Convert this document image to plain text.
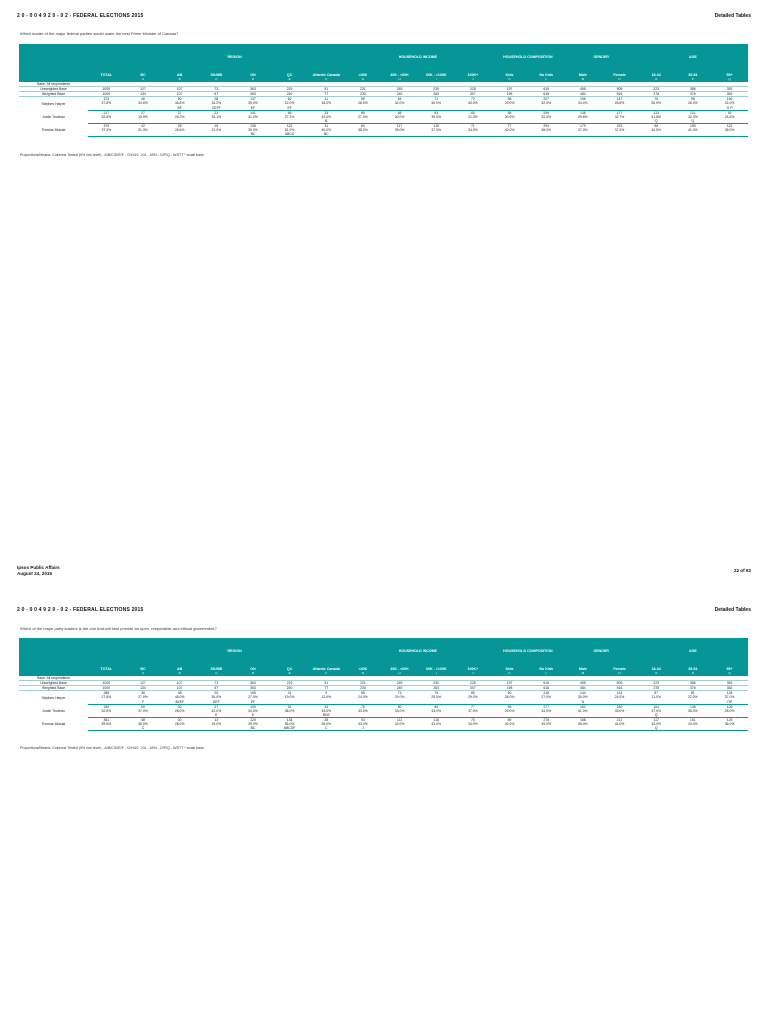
2 0 - 0 0 4 9 2 0 - 0 2 - FEDERAL ELECTIONS 2015	Detailed Tables
Which leader of the major federal parties would make the best Prime Minister of Canada?
		REGION						HOUSEHOLD INCOME				HOUSEHOLD COMPOSITION		GENDER		AGE		
	TOTAL	BC	AB	SK/MB	ON	QC	Atlantic Canada	<40K	40K - <60K	60K - <100K	100K+	Kids	No Kids	Male	Female	18-34	35-54	55+
		A	B	C	D	E	F	G	H	I	J	K	L	M	N	O	P	Q
Base: All respondents																		
Unweighted Base	1000	127	107	73	363	219	91	221	249	230	228	197	615	495	505	223	386	392
Weighted Base	1000	134	107	67	363	240	77	230	240	263	307	195	618	484	516	278	376	352
Stephen Harper	373	46	50	28	137	52	11	59	64	73	72	58	207	196	147	75	98	146
	37.8%	34.6%	46.8%	34.2%	39.0%	22.0%	16.0%	26.0%	32.0%	40.0%	40.0%	29.0%	32.0%	34.4%	28.8%	26.9%	26.0%	42.0%
			BF	CEFF	EF	EF												O P
Justin Trudeau	217	27	27	23	101	65	33	65	65	53	65	58	299	138	177	113	121	92
	32.6%	19.5%	26.2%	34.1%	31.0%	27.1%	42.0%	27.0%	30.0%	30.0%	21.0%	30.0%	32.0%	29.8%	32.7%	41.8%	32.3%	24.6%
							B									Q	Q	
Thomas Mulcair	370	42	28	15	135	122	31	84	117	116	71	77	294	179	192	96	155	122
	37.3%	31.3%	25.6%	21.0%	39.0%	51.0%	40.0%	38.0%	39.0%	37.0%	34.0%	40.0%	38.0%	37.0%	37.3%	34.5%	41.4%	35.0%
					BC	ABCD	BC											
Proportions/Means: Columns Tested (5% risk level) - A/B/C/D/E/F - G/H/I/J - K/L - M/N - O/P/Q - N/STT * small base
Ipsos Public Affairs
August 24, 2015	22 of 92
2 0 - 0 0 4 9 2 0 - 0 2 - FEDERAL ELECTIONS 2015	Detailed Tables
Which of the major party leaders is the one that will best provide an open, responsible and ethical government?
		REGION						HOUSEHOLD INCOME				HOUSEHOLD COMPOSITION		GENDER		AGE		
	TOTAL	BC	AB	SK/MB	ON	QC	Atlantic Canada	<40K	40K - <60K	60K - <100K	100K+	Kids	No Kids	Male	Female	18-34	35-54	55+
		A	B	C	D	E	F	G	H	I	J	K	L	M	N	O	P	Q
Base: All respondents																		
Unweighted Base	1000	127	107	73	363	219	91	221	249	230	228	197	615	495	505	223	386	392
Weighted Base	1000	134	107	67	363	240	77	230	240	263	307	195	618	484	516	278	376	352
Stephen Harper	288	36	48	20	105	41	9	55	74	75	80	60	218	144	124	57	81	128
	27.8%	27.0%	45.0%	30.0%	27.0%	19.0%	12.0%	24.0%	29.0%	29.0%	29.0%	28.0%	27.0%	30.0%	24.0%	21.0%	22.0%	37.0%
		F	AEEF	DEF	EF									N				OP
Justin Trudeau	330	50	30	27	105	91	33	75	80	80	77	55	277	152	180	104	136	105
	32.8%	37.0%	28.0%	42.0%	34.0%	38.0%	43.0%	33.0%	33.0%	33.0%	37.0%	29.0%	34.0%	31.0%	33.0%	37.0%	35.0%	28.0%
				E	E		BDE									Q		
Thomas Mulcair	381	48	30	13	120	134	28	93	112	116	70	69	276	168	212	117	161	125
	39.8%	36.0%	28.0%	19.0%	39.0%	56.0%	36.0%	43.0%	42.0%	43.0%	34.0%	40.0%	39.0%	35.0%	41.0%	42.0%	43.0%	36.0%
		C			BC	ABCDF	C	J								Q		
Proportions/Means: Columns Tested (5% risk level) - A/B/C/D/E/F - G/H/I/J - K/L - M/N - O/P/Q - N/STT * small base
